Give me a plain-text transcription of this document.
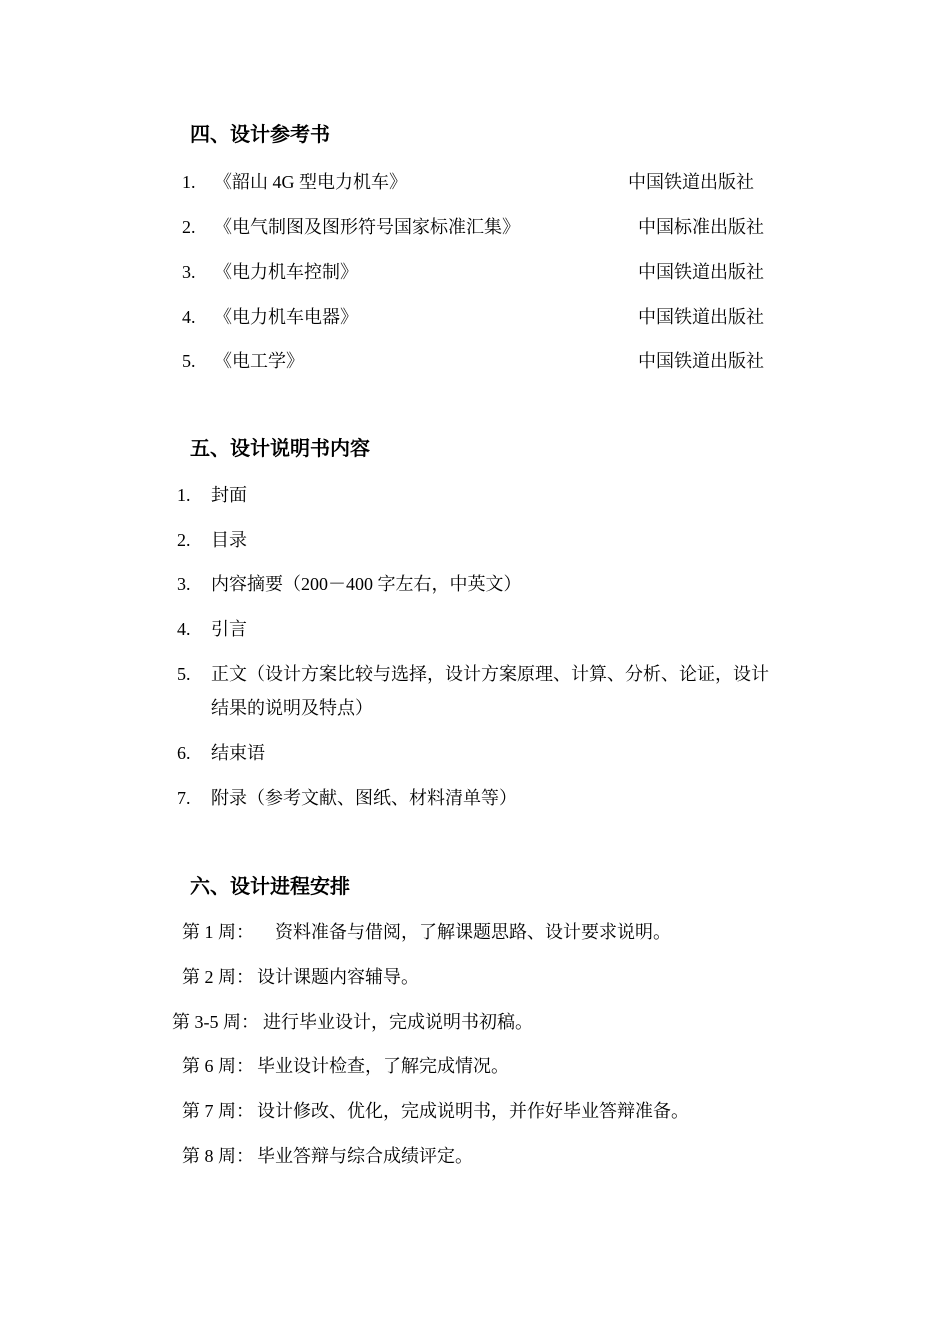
四、设计参考书
1. 《韶山 4G 型电力机车》	中国铁道出版社
2. 《电气制图及图形符号国家标准汇集》	中国标准出版社
3. 《电力机车控制》	中国铁道出版社
4. 《电力机车电器》	中国铁道出版社
5. 《电工学》	中国铁道出版社
五、设计说明书内容
1. 封面
2. 目录
3. 内容摘要（200－400 字左右，中英文）
4. 引言
5. 正文（设计方案比较与选择，设计方案原理、计算、分析、论证，设计
结果的说明及特点）
6. 结束语
7. 附录（参考文献、图纸、材料清单等）
六、设计进程安排
第 1 周： 资料准备与借阅，了解课题思路、设计要求说明。
第 2 周： 设计课题内容辅导。
第 3-5 周： 进行毕业设计，完成说明书初稿。
第 6 周： 毕业设计检查，了解完成情况。
第 7 周： 设计修改、优化，完成说明书，并作好毕业答辩准备。
第 8 周： 毕业答辩与综合成绩评定。
